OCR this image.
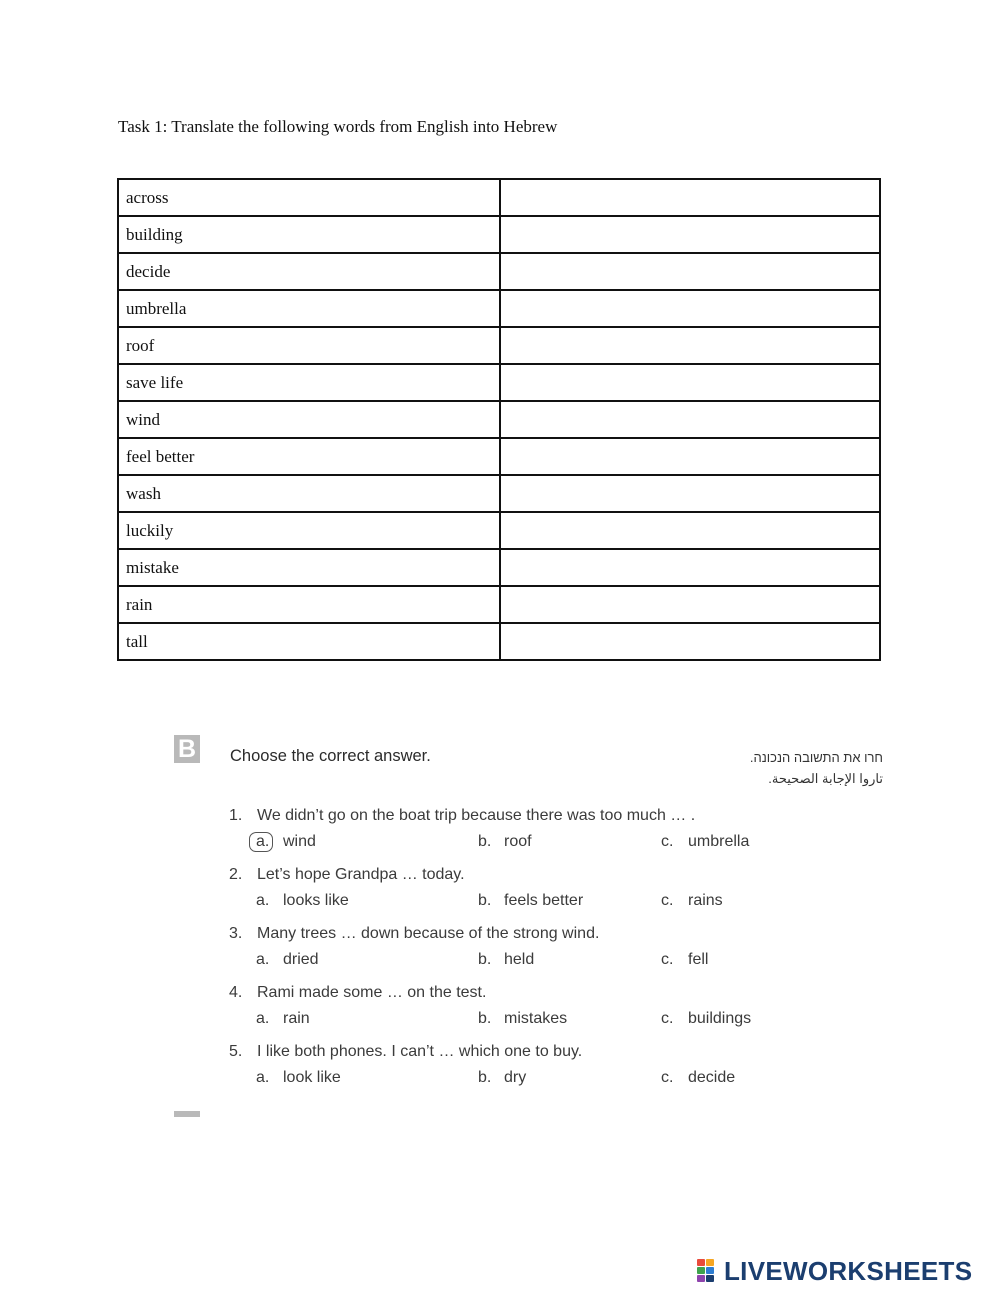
Task 1: Translate the following words from English into Hebrew
across	
building	
decide	
umbrella	
roof	
save life	
wind	
feel better	
wash	
luckily	
mistake	
rain	
tall	
B Choose the correct answer.	חרו את התשובה הנכונה.
تاروا الإجابة الصحيحة.
1. We didn’t go on the boat trip because there was too much … .
a. wind	b. roof	c. umbrella
2. Let’s hope Grandpa … today.
a. looks like	b. feels better	c. rains
3. Many trees … down because of the strong wind.
a. dried	b. held	c. fell
4. Rami made some … on the test.
a. rain	b. mistakes	c. buildings
5. I like both phones. I can’t … which one to buy.
a. look like	b. dry	c. decide
LIVEWORKSHEETS
